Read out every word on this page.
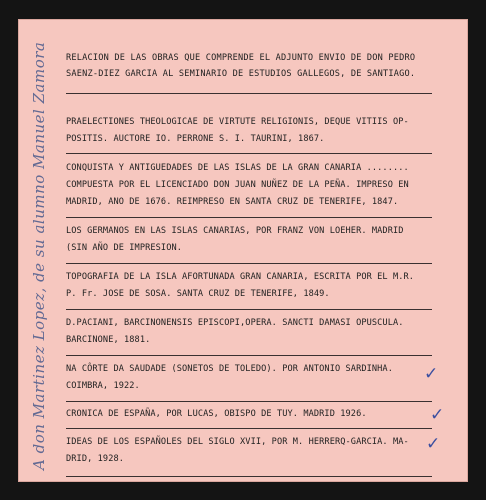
A don Martinez Lopez, de su alumno Manuel Zamora RELACION DE LAS OBRAS QUE COMPRENDE EL ADJUNTO ENVIO DE DON PEDRO
SAENZ-DIEZ GARCIA AL SEMINARIO DE ESTUDIOS GALLEGOS, DE SANTIAGO.
PRAELECTIONES THEOLOGICAE DE VIRTUTE RELIGIONIS, DEQUE VITIIS OP-
POSITIS. AUCTORE IO. PERRONE S. I. TAURINI, 1867.
CONQUISTA Y ANTIGUEDADES DE LAS ISLAS DE LA GRAN CANARIA ........
COMPUESTA POR EL LICENCIADO DON JUAN NUÑEZ DE LA PEÑA. IMPRESO EN
MADRID, ANO DE 1676. REIMPRESO EN SANTA CRUZ DE TENERIFE, 1847.
LOS GERMANOS EN LAS ISLAS CANARIAS, POR FRANZ VON LOEHER. MADRID
(SIN AÑO DE IMPRESION.
TOPOGRAFIA DE LA ISLA AFORTUNADA GRAN CANARIA, ESCRITA POR EL M.R.
P. Fr. JOSE DE SOSA. SANTA CRUZ DE TENERIFE, 1849.
D.PACIANI, BARCINONENSIS EPISCOPI,OPERA. SANCTI DAMASI OPUSCULA.
BARCINONE, 1881.
NA CÔRTE DA SAUDADE (SONETOS DE TOLEDO). POR ANTONIO SARDINHA.
COIMBRA, 1922.
CRONICA DE ESPAÑA, POR LUCAS, OBISPO DE TUY. MADRID 1926.
IDEAS DE LOS ESPAÑOLES DEL SIGLO XVII, POR M. HERRERQ-GARCIA. MA-
DRID, 1928.
✓
✓
✓
